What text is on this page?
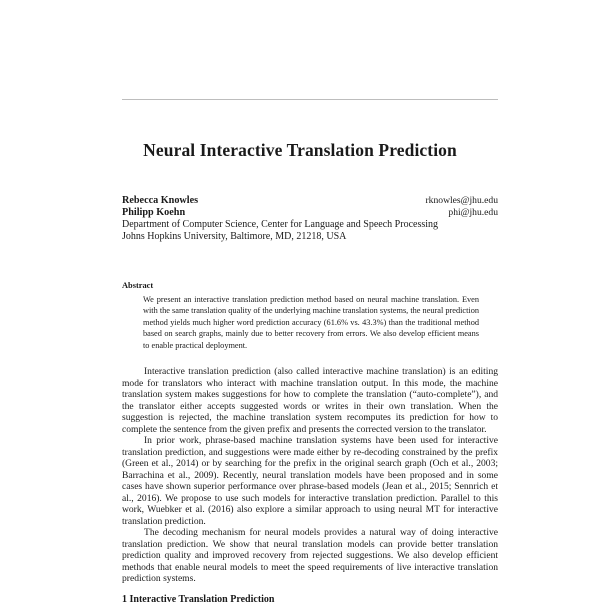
Neural Interactive Translation Prediction
Rebecca Knowles	rknowles@jhu.edu
Philipp Koehn	phi@jhu.edu
Department of Computer Science, Center for Language and Speech Processing
Johns Hopkins University, Baltimore, MD, 21218, USA
Abstract
We present an interactive translation prediction method based on neural machine translation. Even with the same translation quality of the underlying machine translation systems, the neural prediction method yields much higher word prediction accuracy (61.6% vs. 43.3%) than the traditional method based on search graphs, mainly due to better recovery from errors. We also develop efficient means to enable practical deployment.

Interactive translation prediction (also called interactive machine translation) is an editing mode for translators who interact with machine translation output. In this mode, the machine translation system makes suggestions for how to complete the translation (“auto-complete”), and the translator either accepts suggested words or writes in their own translation. When the suggestion is rejected, the machine translation system recomputes its prediction for how to complete the sentence from the given prefix and presents the corrected version to the translator.

In prior work, phrase-based machine translation systems have been used for interactive translation prediction, and suggestions were made either by re-decoding constrained by the prefix (Green et al., 2014) or by searching for the prefix in the original search graph (Och et al., 2003; Barrachina et al., 2009). Recently, neural translation models have been proposed and in some cases have shown superior performance over phrase-based models (Jean et al., 2015; Sennrich et al., 2016). We propose to use such models for interactive translation prediction. Parallel to this work, Wuebker et al. (2016) also explore a similar approach to using neural MT for interactive translation prediction.

The decoding mechanism for neural models provides a natural way of doing interactive translation prediction. We show that neural translation models can provide better translation prediction quality and improved recovery from rejected suggestions. We also develop efficient methods that enable neural models to meet the speed requirements of live interactive translation prediction systems.

1 Interactive Translation Prediction
